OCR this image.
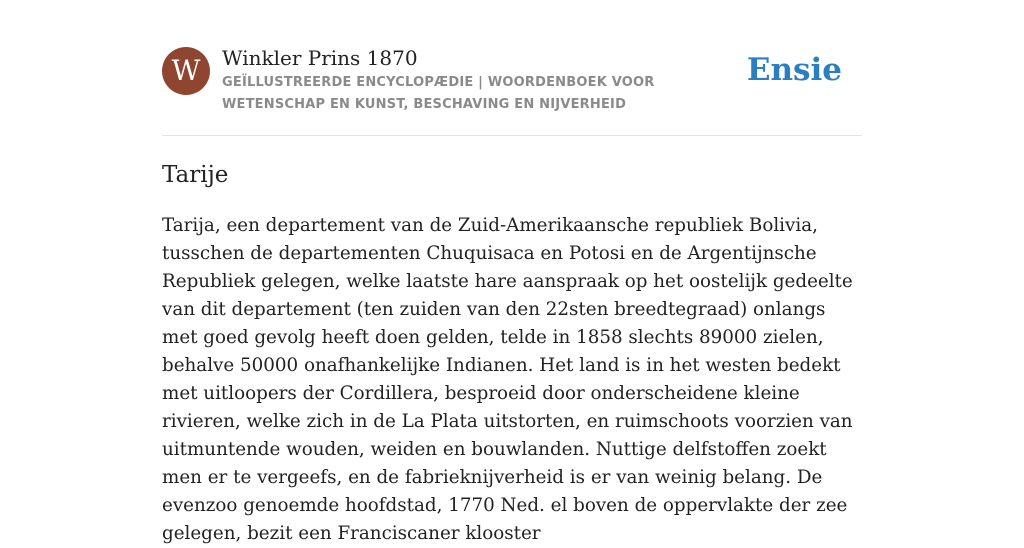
W	Winkler Prins 1870
GEÏLLUSTREERDE ENCYCLOPÆDIE | WOORDENBOEK VOOR WETENSCHAP EN KUNST, BESCHAVING EN NIJVERHEID
Ensie
Tarije

Tarija, een departement van de Zuid-Amerikaansche republiek Bolivia, tusschen de departementen Chuquisaca en Potosi en de Argentijnsche Republiek gelegen, welke laatste hare aanspraak op het oostelijk gedeelte van dit departement (ten zuiden van den 22sten breedtegraad) onlangs met goed gevolg heeft doen gelden, telde in 1858 slechts 89000 zielen, behalve 50000 onafhankelijke Indianen. Het land is in het westen bedekt met uitloopers der Cordillera, besproeid door onderscheidene kleine rivieren, welke zich in de La Plata uitstorten, en ruimschoots voorzien van uitmuntende wouden, weiden en bouwlanden. Nuttige delfstoffen zoekt men er te vergeefs, en de fabrieknijverheid is er van weinig belang. De evenzoo genoemde hoofdstad, 1770 Ned. el boven de oppervlakte der zee gelegen, bezit een Franciscaner klooster
